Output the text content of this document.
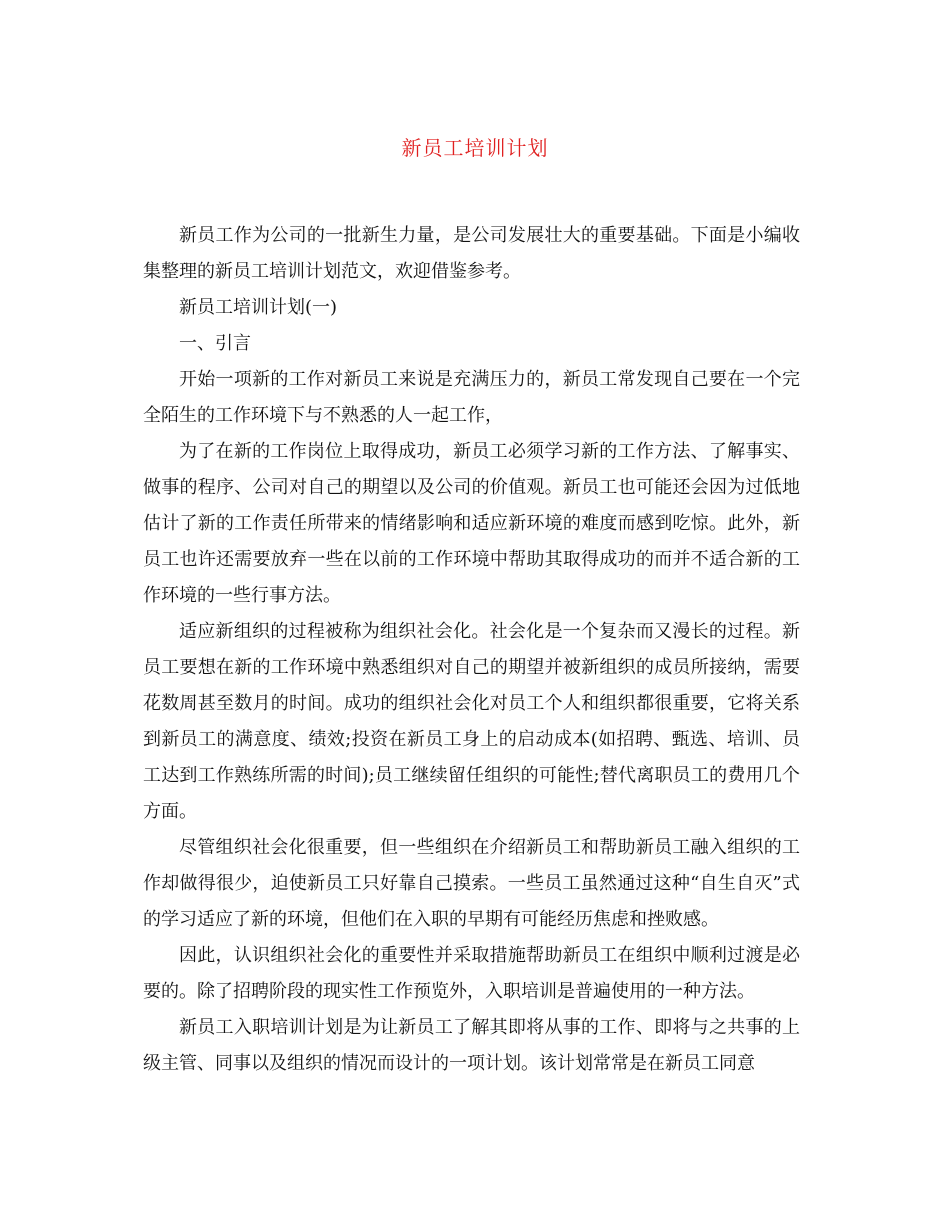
新员工培训计划

新员工作为公司的一批新生力量，是公司发展壮大的重要基础。下面是小编收集整理的新员工培训计划范文，欢迎借鉴参考。

新员工培训计划(一)

一、引言

开始一项新的工作对新员工来说是充满压力的，新员工常发现自己要在一个完全陌生的工作环境下与不熟悉的人一起工作，

为了在新的工作岗位上取得成功，新员工必须学习新的工作方法、了解事实、做事的程序、公司对自己的期望以及公司的价值观。新员工也可能还会因为过低地估计了新的工作责任所带来的情绪影响和适应新环境的难度而感到吃惊。此外，新员工也许还需要放弃一些在以前的工作环境中帮助其取得成功的而并不适合新的工作环境的一些行事方法。

适应新组织的过程被称为组织社会化。社会化是一个复杂而又漫长的过程。新员工要想在新的工作环境中熟悉组织对自己的期望并被新组织的成员所接纳，需要花数周甚至数月的时间。成功的组织社会化对员工个人和组织都很重要，它将关系到新员工的满意度、绩效;投资在新员工身上的启动成本(如招聘、甄选、培训、员工达到工作熟练所需的时间);员工继续留任组织的可能性;替代离职员工的费用几个方面。

尽管组织社会化很重要，但一些组织在介绍新员工和帮助新员工融入组织的工作却做得很少，迫使新员工只好靠自己摸索。一些员工虽然通过这种“自生自灭”式的学习适应了新的环境，但他们在入职的早期有可能经历焦虑和挫败感。

因此，认识组织社会化的重要性并采取措施帮助新员工在组织中顺利过渡是必要的。除了招聘阶段的现实性工作预览外，入职培训是普遍使用的一种方法。

新员工入职培训计划是为让新员工了解其即将从事的工作、即将与之共事的上级主管、同事以及组织的情况而设计的一项计划。该计划常常是在新员工同意
